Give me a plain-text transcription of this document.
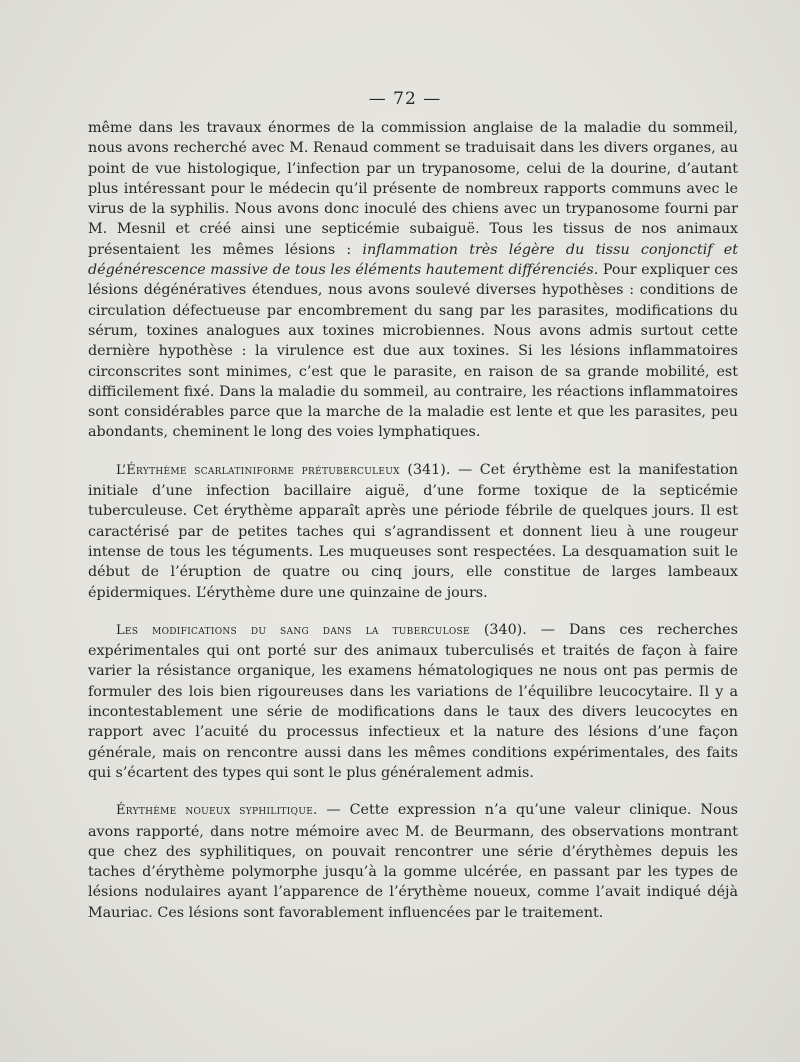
— 72 —

même dans les travaux énormes de la commission anglaise de la maladie du sommeil, nous avons recherché avec M. Renaud comment se traduisait dans les divers organes, au point de vue histologique, l’infection par un trypanosome, celui de la dourine, d’autant plus intéressant pour le médecin qu’il présente de nombreux rapports communs avec le virus de la syphilis. Nous avons donc inoculé des chiens avec un trypanosome fourni par M. Mesnil et créé ainsi une septicémie subaiguë. Tous les tissus de nos animaux présentaient les mêmes lésions : inflammation très légère du tissu conjonctif et dégénérescence massive de tous les éléments hautement différenciés. Pour expliquer ces lésions dégénératives étendues, nous avons soulevé diverses hypothèses : conditions de circulation défectueuse par encombrement du sang par les parasites, modifications du sérum, toxines analogues aux toxines microbiennes. Nous avons admis surtout cette dernière hypothèse : la virulence est due aux toxines. Si les lésions inflammatoires circonscrites sont minimes, c’est que le parasite, en raison de sa grande mobilité, est difficilement fixé. Dans la maladie du sommeil, au contraire, les réactions inflammatoires sont considérables parce que la marche de la maladie est lente et que les parasites, peu abondants, cheminent le long des voies lymphatiques.

L’Érythème scarlatiniforme prétuberculeux (341). — Cet érythème est la manifestation initiale d’une infection bacillaire aiguë, d’une forme toxique de la septicémie tuberculeuse. Cet érythème apparaît après une période fébrile de quelques jours. Il est caractérisé par de petites taches qui s’agrandissent et donnent lieu à une rougeur intense de tous les téguments. Les muqueuses sont respectées. La desquamation suit le début de l’éruption de quatre ou cinq jours, elle constitue de larges lambeaux épidermiques. L’érythème dure une quinzaine de jours.

Les modifications du sang dans la tuberculose (340). — Dans ces recherches expérimentales qui ont porté sur des animaux tuberculisés et traités de façon à faire varier la résistance organique, les examens hématologiques ne nous ont pas permis de formuler des lois bien rigoureuses dans les variations de l’équilibre leucocytaire. Il y a incontestablement une série de modifications dans le taux des divers leucocytes en rapport avec l’acuité du processus infectieux et la nature des lésions d’une façon générale, mais on rencontre aussi dans les mêmes conditions expérimentales, des faits qui s’écartent des types qui sont le plus généralement admis.

Érythème noueux syphilitique. — Cette expression n’a qu’une valeur clinique. Nous avons rapporté, dans notre mémoire avec M. de Beurmann, des observations montrant que chez des syphilitiques, on pouvait rencontrer une série d’érythèmes depuis les taches d’érythème polymorphe jusqu’à la gomme ulcérée, en passant par les types de lésions nodulaires ayant l’apparence de l’érythème noueux, comme l’avait indiqué déjà Mauriac. Ces lésions sont favorablement influencées par le traitement.
